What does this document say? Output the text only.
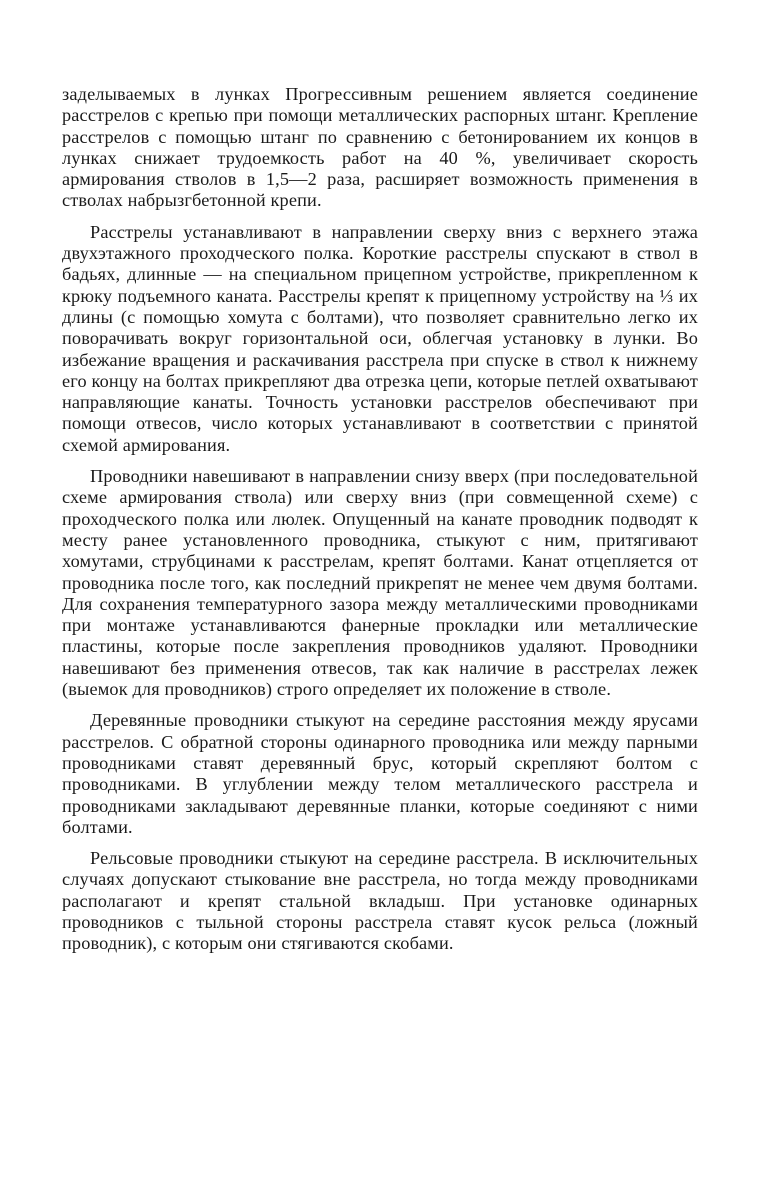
заделываемых в лунках Прогрессивным решением является соединение расстрелов с крепью при помощи металлических распорных штанг. Крепление расстрелов с помощью штанг по сравнению с бетонированием их концов в лунках снижает трудоемкость работ на 40 %, увеличивает скорость армирования стволов в 1,5—2 раза, расширяет возможность применения в стволах набрызгбетонной крепи.

Расстрелы устанавливают в направлении сверху вниз с верхнего этажа двухэтажного проходческого полка. Короткие расстрелы спускают в ствол в бадьях, длинные — на специальном прицепном устройстве, прикрепленном к крюку подъемного каната. Расстрелы крепят к прицепному устройству на ⅓ их длины (с помощью хомута с болтами), что позволяет сравнительно легко их поворачивать вокруг горизонтальной оси, облегчая установку в лунки. Во избежание вращения и раскачивания расстрела при спуске в ствол к нижнему его концу на болтах прикрепляют два отрезка цепи, которые петлей охватывают направляющие канаты. Точность установки расстрелов обеспечивают при помощи отвесов, число которых устанавливают в соответствии с принятой схемой армирования.

Проводники навешивают в направлении снизу вверх (при последовательной схеме армирования ствола) или сверху вниз (при совмещенной схеме) с проходческого полка или люлек. Опущенный на канате проводник подводят к месту ранее установленного проводника, стыкуют с ним, притягивают хомутами, струбцинами к расстрелам, крепят болтами. Канат отцепляется от проводника после того, как последний прикрепят не менее чем двумя болтами. Для сохранения температурного зазора между металлическими проводниками при монтаже устанавливаются фанерные прокладки или металлические пластины, которые после закрепления проводников удаляют. Проводники навешивают без применения отвесов, так как наличие в расстрелах лежек (выемок для проводников) строго определяет их положение в стволе.

Деревянные проводники стыкуют на середине расстояния между ярусами расстрелов. С обратной стороны одинарного проводника или между парными проводниками ставят деревянный брус, который скрепляют болтом с проводниками. В углублении между телом металлического расстрела и проводниками закладывают деревянные планки, которые соединяют с ними болтами.

Рельсовые проводники стыкуют на середине расстрела. В исключительных случаях допускают стыкование вне расстрела, но тогда между проводниками располагают и крепят стальной вкладыш. При установке одинарных проводников с тыльной стороны расстрела ставят кусок рельса (ложный проводник), с которым они стягиваются скобами.
